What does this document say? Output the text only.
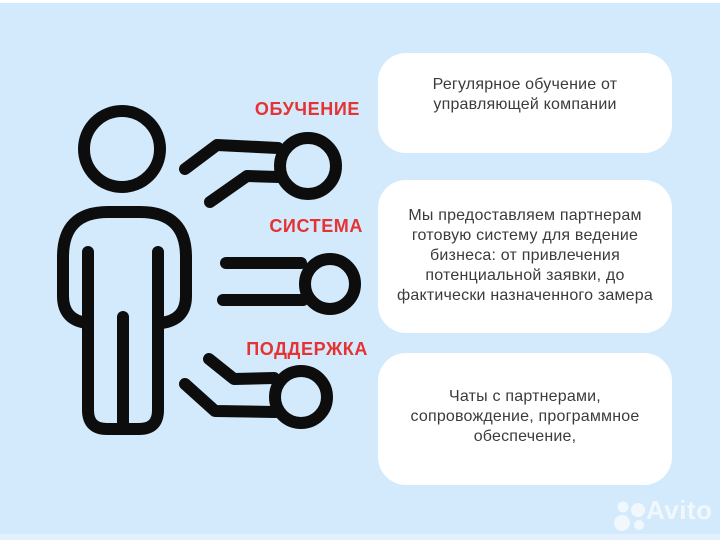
ОБУЧЕНИЕ
СИСТЕМА
ПОДДЕРЖКА
Регулярное обучение от управляющей компании
Мы предоставляем партнерам готовую систему для ведение бизнеса: от привлечения потенциальной заявки, до фактически назначенного замера
Чаты с партнерами, сопровождение, программное обеспечение,
Avito
